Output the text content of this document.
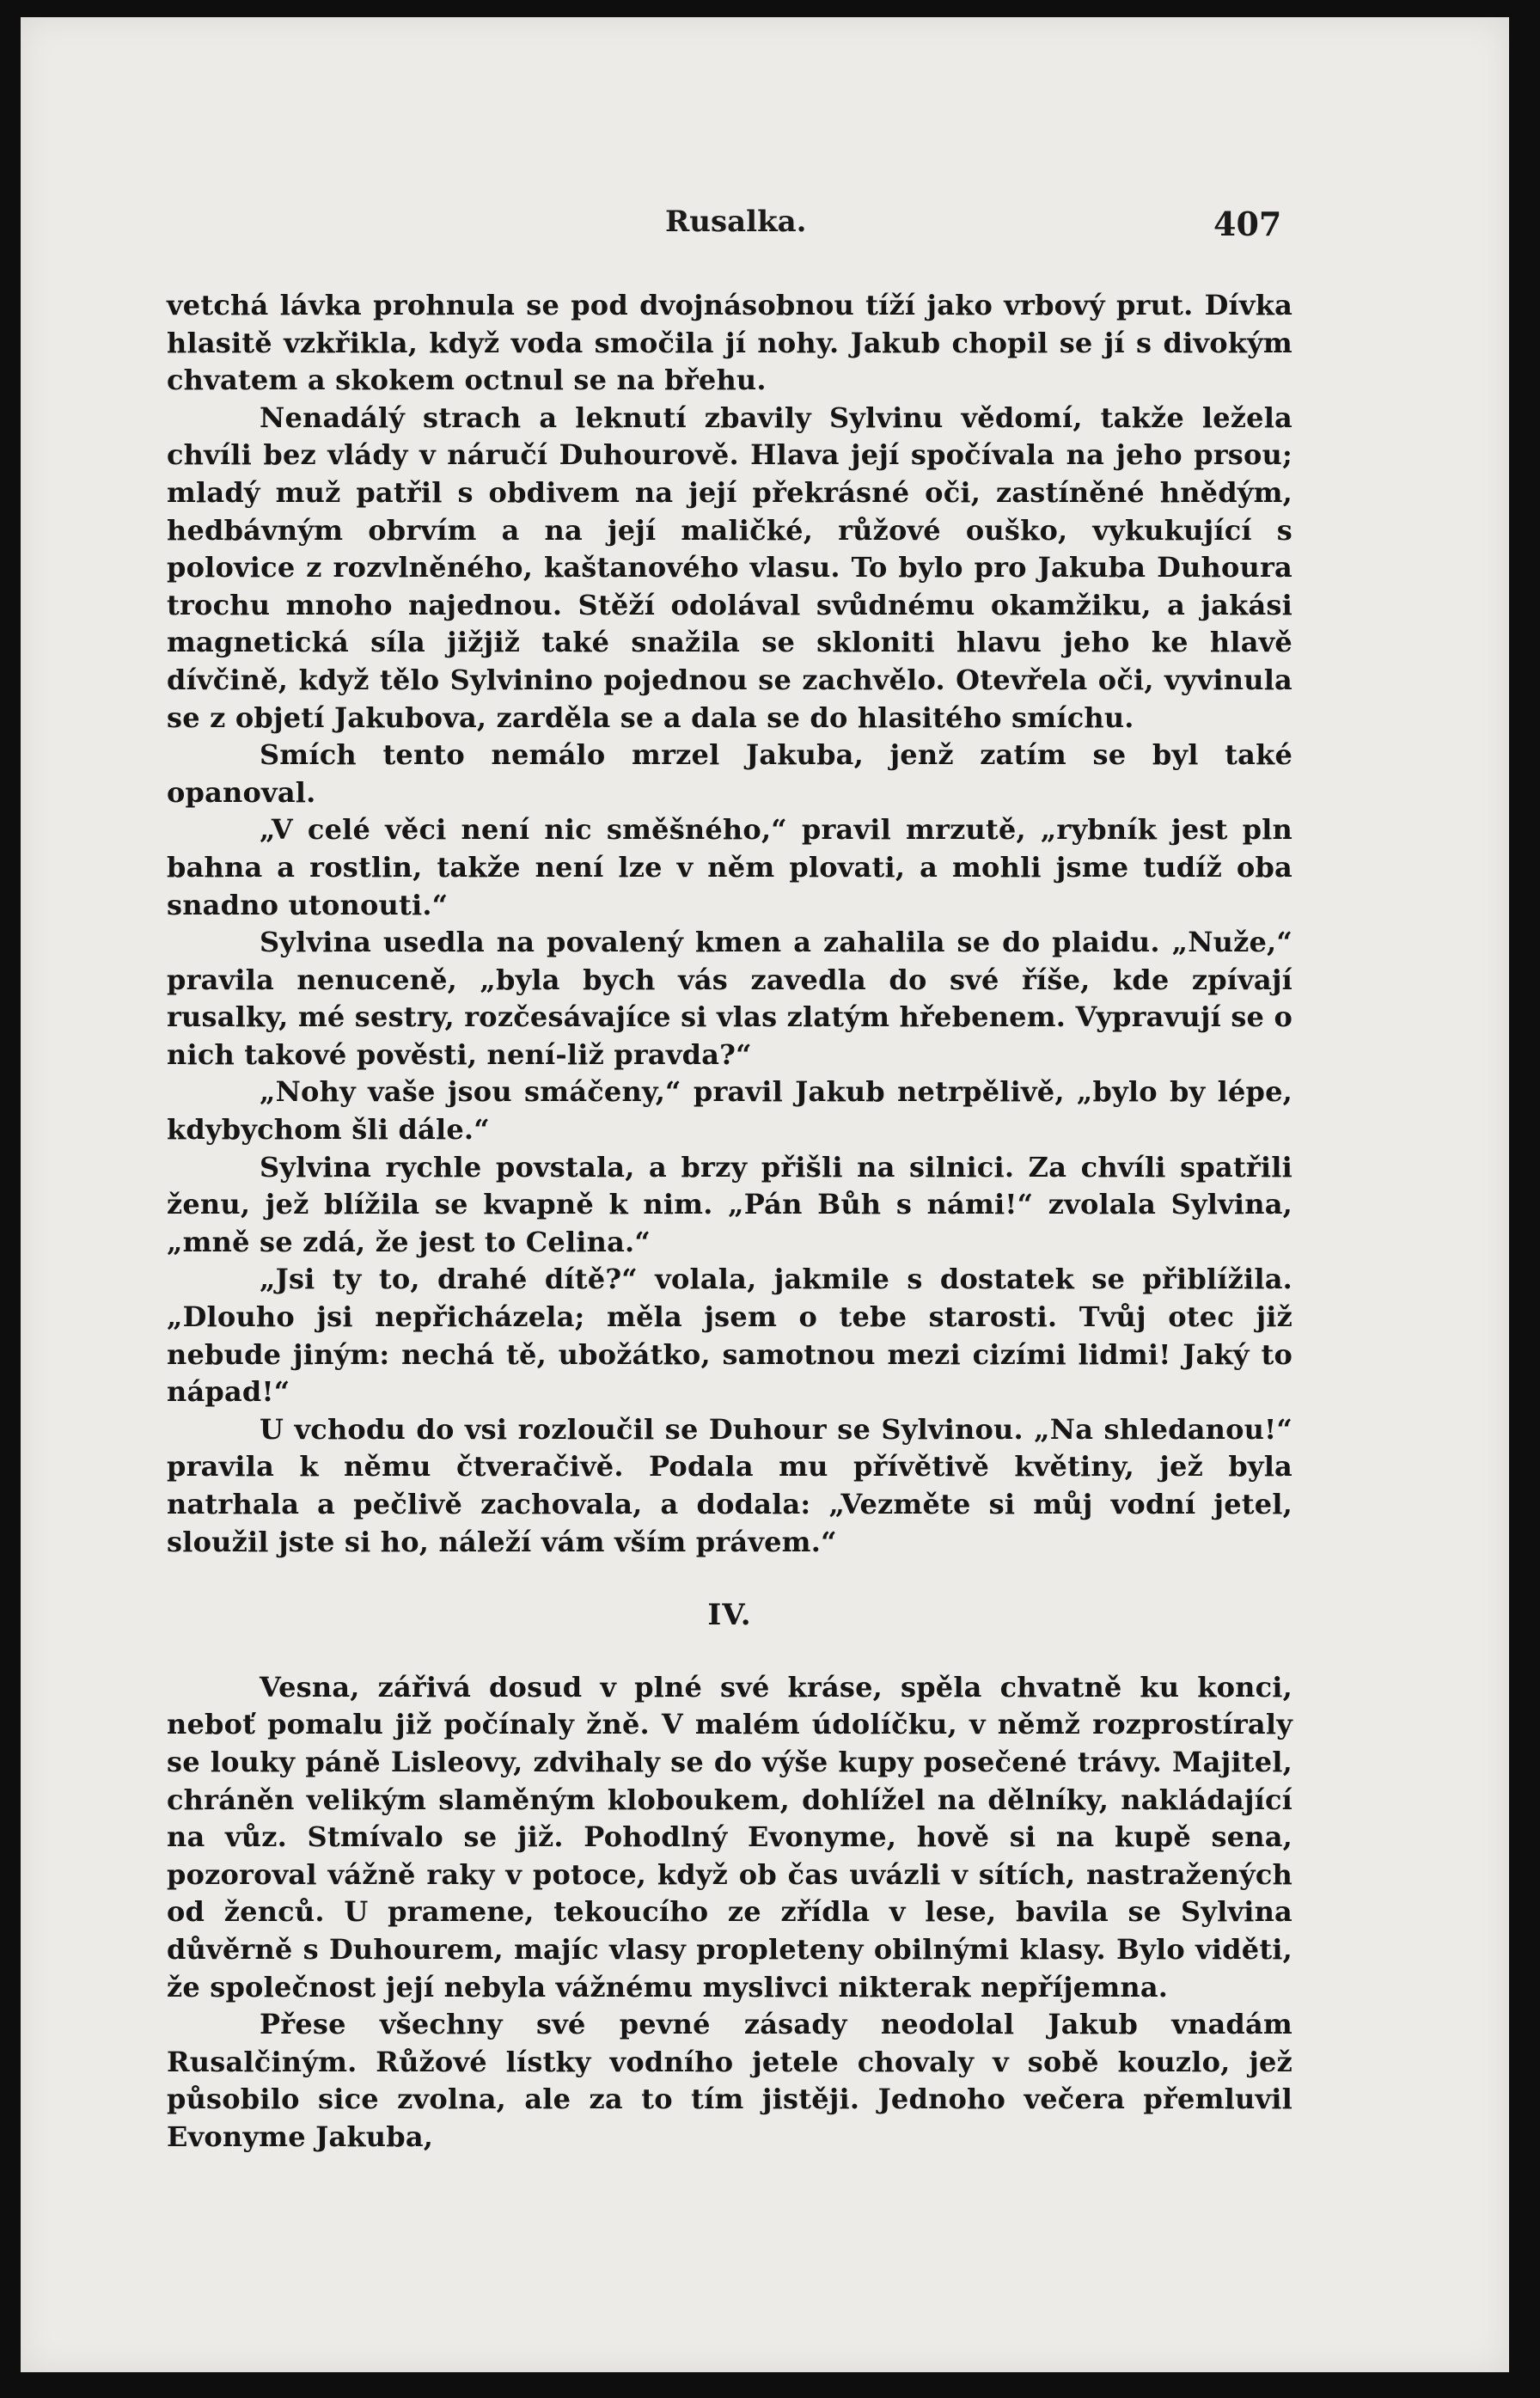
Rusalka.	407

vetchá lávka prohnula se pod dvojnásobnou tíží jako vrbový prut. Dívka hlasitě vzkřikla, když voda smočila jí nohy. Jakub chopil se jí s divokým chvatem a skokem octnul se na břehu.

Nenadálý strach a leknutí zbavily Sylvinu vědomí, takže ležela chvíli bez vlády v náručí Duhourově. Hlava její spočívala na jeho prsou; mladý muž patřil s obdivem na její překrásné oči, zastíněné hnědým, hedbávným obrvím a na její maličké, růžové ouško, vykukující s polovice z rozvlněného, kaštanového vlasu. To bylo pro Jakuba Duhoura trochu mnoho najednou. Stěží odolával svůdnému okamžiku, a jakási magnetická síla jižjiž také snažila se skloniti hlavu jeho ke hlavě dívčině, když tělo Sylvinino pojednou se zachvělo. Otevřela oči, vyvinula se z objetí Jakubova, zarděla se a dala se do hlasitého smíchu.

Smích tento nemálo mrzel Jakuba, jenž zatím se byl také opanoval.

„V celé věci není nic směšného,“ pravil mrzutě, „rybník jest pln bahna a rostlin, takže není lze v něm plovati, a mohli jsme tudíž oba snadno utonouti.“

Sylvina usedla na povalený kmen a zahalila se do plaidu. „Nuže,“ pravila nenuceně, „byla bych vás zavedla do své říše, kde zpívají rusalky, mé sestry, rozčesávajíce si vlas zlatým hřebenem. Vypravují se o nich takové pověsti, není-liž pravda?“

„Nohy vaše jsou smáčeny,“ pravil Jakub netrpělivě, „bylo by lépe, kdybychom šli dále.“

Sylvina rychle povstala, a brzy přišli na silnici. Za chvíli spatřili ženu, jež blížila se kvapně k nim. „Pán Bůh s námi!“ zvolala Sylvina, „mně se zdá, že jest to Celina.“

„Jsi ty to, drahé dítě?“ volala, jakmile s dostatek se přiblížila. „Dlouho jsi nepřicházela; měla jsem o tebe starosti. Tvůj otec již nebude jiným: nechá tě, ubožátko, samotnou mezi cizími lidmi! Jaký to nápad!“

U vchodu do vsi rozloučil se Duhour se Sylvinou. „Na shledanou!“ pravila k němu čtveračivě. Podala mu přívětivě květiny, jež byla natrhala a pečlivě zachovala, a dodala: „Vezměte si můj vodní jetel, sloužil jste si ho, náleží vám vším právem.“

IV.

Vesna, zářivá dosud v plné své kráse, spěla chvatně ku konci, neboť pomalu již počínaly žně. V malém údolíčku, v němž rozprostíraly se louky páně Lisleovy, zdvihaly se do výše kupy posečené trávy. Majitel, chráněn velikým slaměným kloboukem, dohlížel na dělníky, nakládající na vůz. Stmívalo se již. Pohodlný Evonyme, hově si na kupě sena, pozoroval vážně raky v potoce, když ob čas uvázli v sítích, nastražených od ženců. U pramene, tekoucího ze zřídla v lese, bavila se Sylvina důvěrně s Duhourem, majíc vlasy propleteny obilnými klasy. Bylo viděti, že společnost její nebyla vážnému myslivci nikterak nepříjemna.

Přese všechny své pevné zásady neodolal Jakub vnadám Rusalčiným. Růžové lístky vodního jetele chovaly v sobě kouzlo, jež působilo sice zvolna, ale za to tím jistěji. Jednoho večera přemluvil Evonyme Jakuba,
